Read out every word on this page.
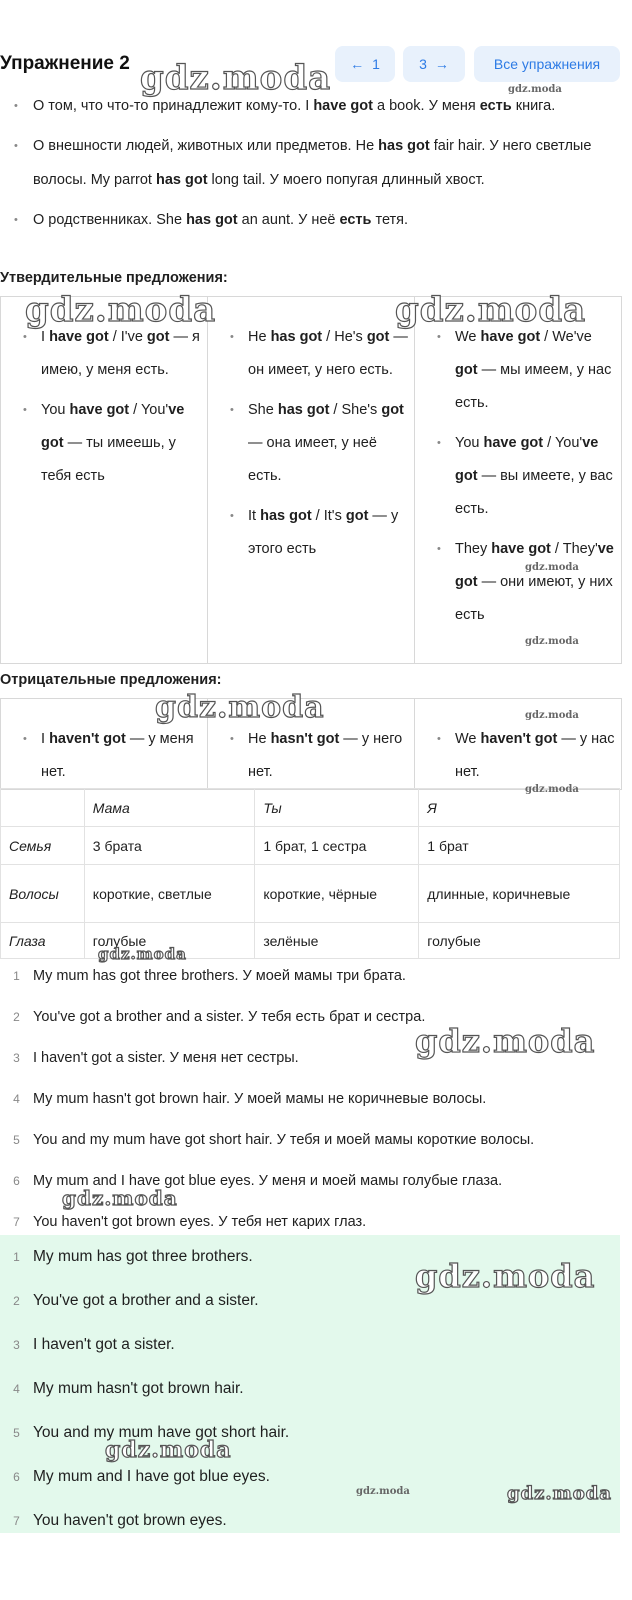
Упражнение 2	← 1	3 →	Все упражнения
• О том, что что-то принадлежит кому-то. I have got a book. У меня есть книга.
• О внешности людей, животных или предметов. He has got fair hair. У него светлые волосы. My parrot has got long tail. У моего попугая длинный хвост.
• О родственниках. She has got an aunt. У неё есть тетя.
Утвердительные предложения:
• I have got / I've got — я имею, у меня есть.
• You have got / You've got — ты имеешь, у тебя есть
• He has got / He's got — он имеет, у него есть.
• She has got / She's got — она имеет, у неё есть.
• It has got / It's got — у этого есть
• We have got / We've got — мы имеем, у нас есть.
• You have got / You've got — вы имеете, у вас есть.
• They have got / They've got — они имеют, у них есть
Отрицательные предложения:
• I haven't got — у меня нет.
• He hasn't got — у него нет.
• We haven't got — у нас нет.
	Мама	Ты	Я
Семья	3 брата	1 брат, 1 сестра	1 брат
Волосы	короткие, светлые	короткие, чёрные	длинные, коричневые
Глаза	голубые	зелёные	голубые
1 My mum has got three brothers. У моей мамы три брата.
2 You've got a brother and a sister. У тебя есть брат и сестра.
3 I haven't got a sister. У меня нет сестры.
4 My mum hasn't got brown hair. У моей мамы не коричневые волосы.
5 You and my mum have got short hair. У тебя и моей мамы короткие волосы.
6 My mum and I have got blue eyes. У меня и моей мамы голубые глаза.
7 You haven't got brown eyes. У тебя нет карих глаз.
1 My mum has got three brothers.
2 You've got a brother and a sister.
3 I haven't got a sister.
4 My mum hasn't got brown hair.
5 You and my mum have got short hair.
6 My mum and I have got blue eyes.
7 You haven't got brown eyes.
gdz.moda
gdz.moda	gdz.moda
gdz.moda
gdz.moda
gdz.moda
gdz.moda
gdz.moda
gdz.moda
gdz.moda
gdz.moda
gdz.moda
gdz.moda
gdz.moda
gdz.moda
gdz.moda
